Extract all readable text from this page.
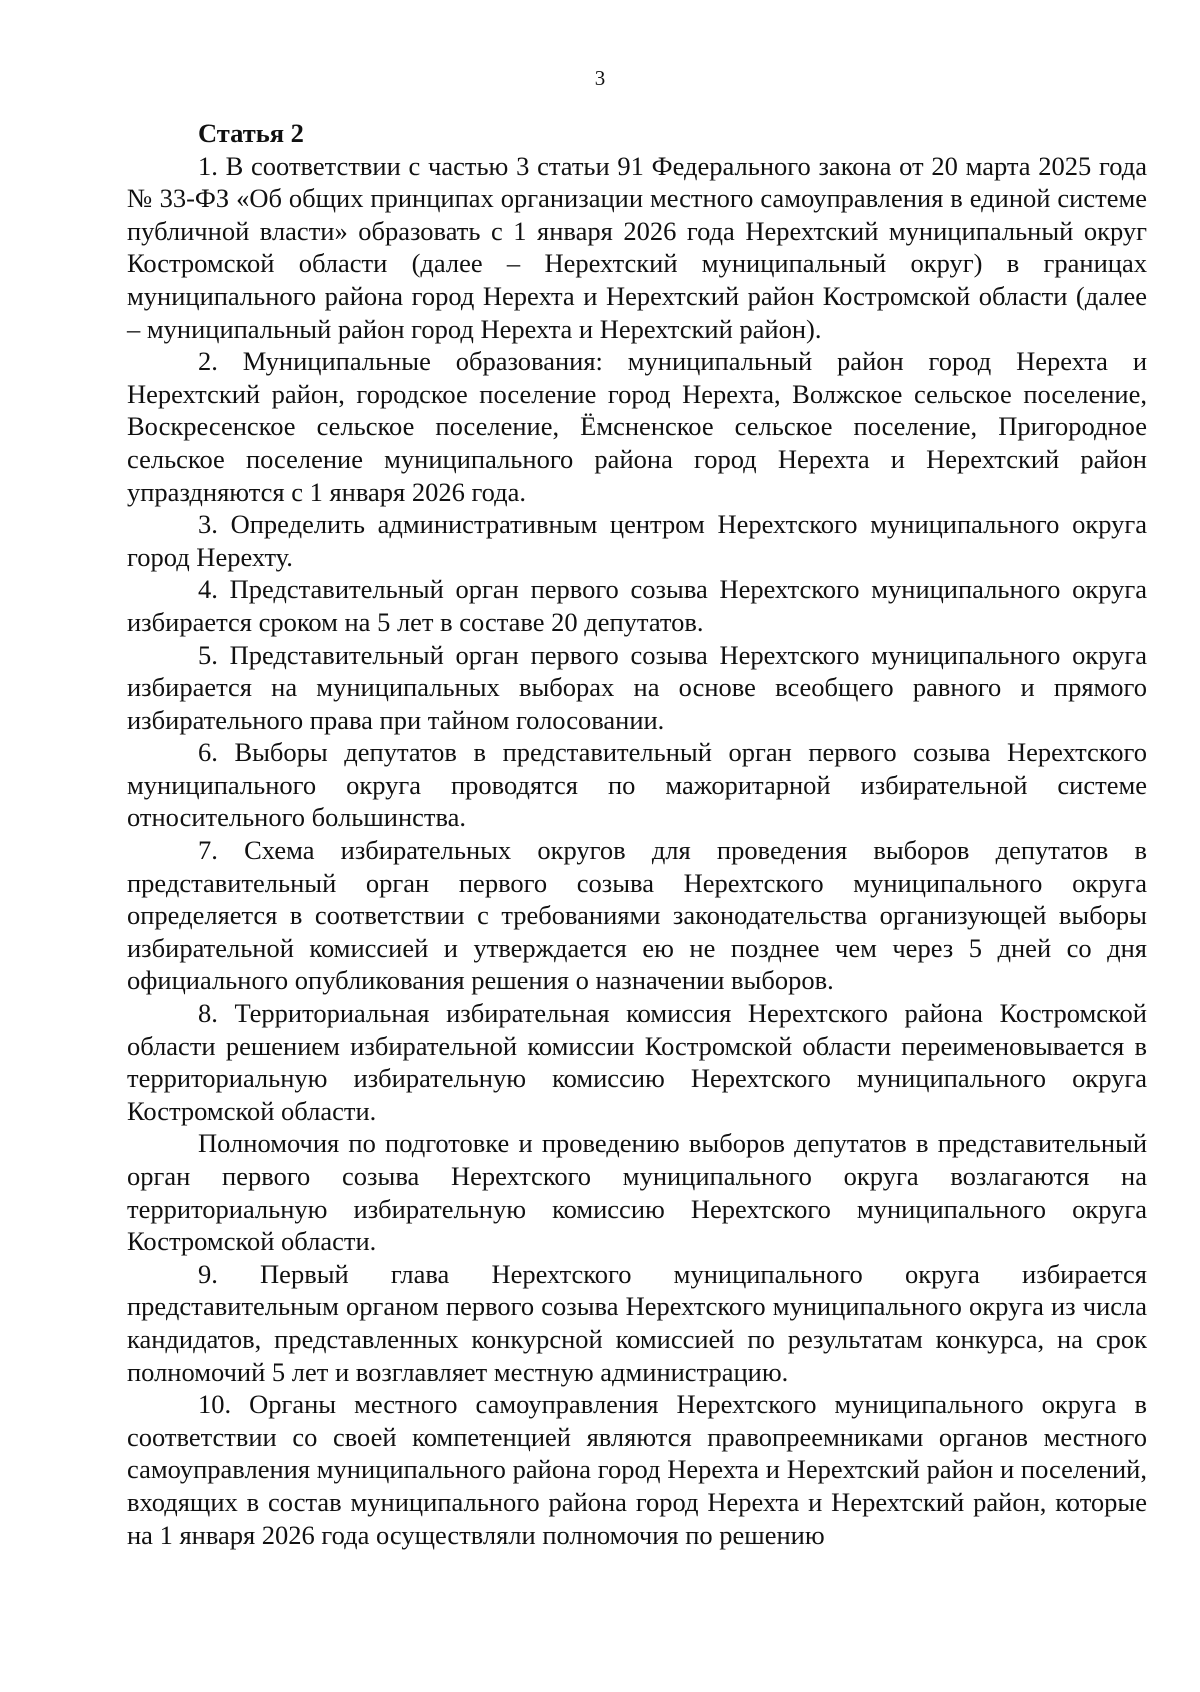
3

Статья 2

1. В соответствии с частью 3 статьи 91 Федерального закона от 20 марта 2025 года № 33-ФЗ «Об общих принципах организации местного самоуправления в единой системе публичной власти» образовать с 1 января 2026 года Нерехтский муниципальный округ Костромской области (далее – Нерехтский муниципальный округ) в границах муниципального района город Нерехта и Нерехтский район Костромской области (далее – муниципальный район город Нерехта и Нерехтский район).

2. Муниципальные образования: муниципальный район город Нерехта и Нерехтский район, городское поселение город Нерехта, Волжское сельское поселение, Воскресенское сельское поселение, Ёмсненское сельское поселение, Пригородное сельское поселение муниципального района город Нерехта и Нерехтский район упраздняются с 1 января 2026 года.

3. Определить административным центром Нерехтского муниципального округа город Нерехту.

4. Представительный орган первого созыва Нерехтского муниципального округа избирается сроком на 5 лет в составе 20 депутатов.

5. Представительный орган первого созыва Нерехтского муниципального округа избирается на муниципальных выборах на основе всеобщего равного и прямого избирательного права при тайном голосовании.

6. Выборы депутатов в представительный орган первого созыва Нерехтского муниципального округа проводятся по мажоритарной избирательной системе относительного большинства.

7. Схема избирательных округов для проведения выборов депутатов в представительный орган первого созыва Нерехтского муниципального округа определяется в соответствии с требованиями законодательства организующей выборы избирательной комиссией и утверждается ею не позднее чем через 5 дней со дня официального опубликования решения о назначении выборов.

8. Территориальная избирательная комиссия Нерехтского района Костромской области решением избирательной комиссии Костромской области переименовывается в территориальную избирательную комиссию Нерехтского муниципального округа Костромской области.

Полномочия по подготовке и проведению выборов депутатов в представительный орган первого созыва Нерехтского муниципального округа возлагаются на территориальную избирательную комиссию Нерехтского муниципального округа Костромской области.

9. Первый глава Нерехтского муниципального округа избирается представительным органом первого созыва Нерехтского муниципального округа из числа кандидатов, представленных конкурсной комиссией по результатам конкурса, на срок полномочий 5 лет и возглавляет местную администрацию.

10. Органы местного самоуправления Нерехтского муниципального округа в соответствии со своей компетенцией являются правопреемниками органов местного самоуправления муниципального района город Нерехта и Нерехтский район и поселений, входящих в состав муниципального района город Нерехта и Нерехтский район, которые на 1 января 2026 года осуществляли полномочия по решению
